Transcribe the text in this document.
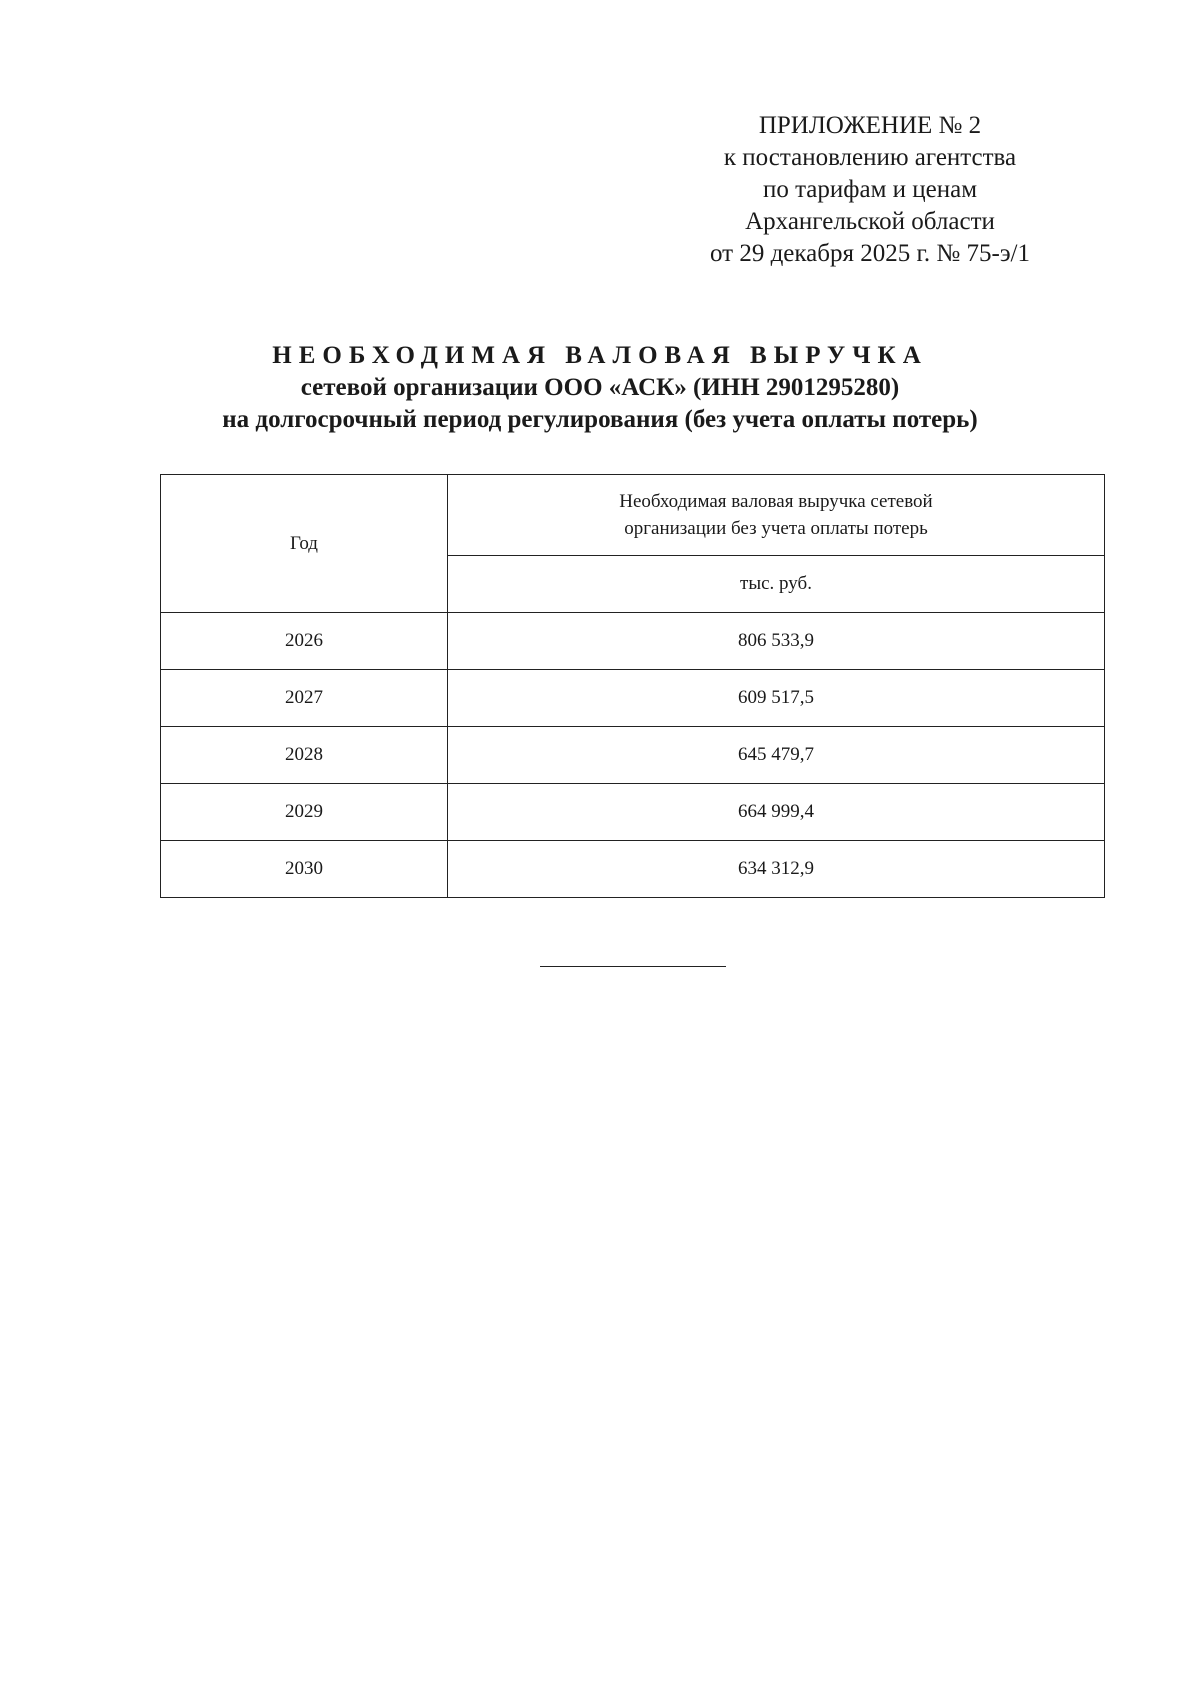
ПРИЛОЖЕНИЕ № 2
к постановлению агентства
по тарифам и ценам
Архангельской области
от 29 декабря 2025 г. № 75-э/1
НЕОБХОДИМАЯ ВАЛОВАЯ ВЫРУЧКА
сетевой организации ООО «АСК» (ИНН 2901295280)
на долгосрочный период регулирования (без учета оплаты потерь)
Год	Необходимая валовая выручка сетевой
организации без учета оплаты потерь

	тыс. руб.
2026	806 533,9
2027	609 517,5
2028	645 479,7
2029	664 999,4
2030	634 312,9
